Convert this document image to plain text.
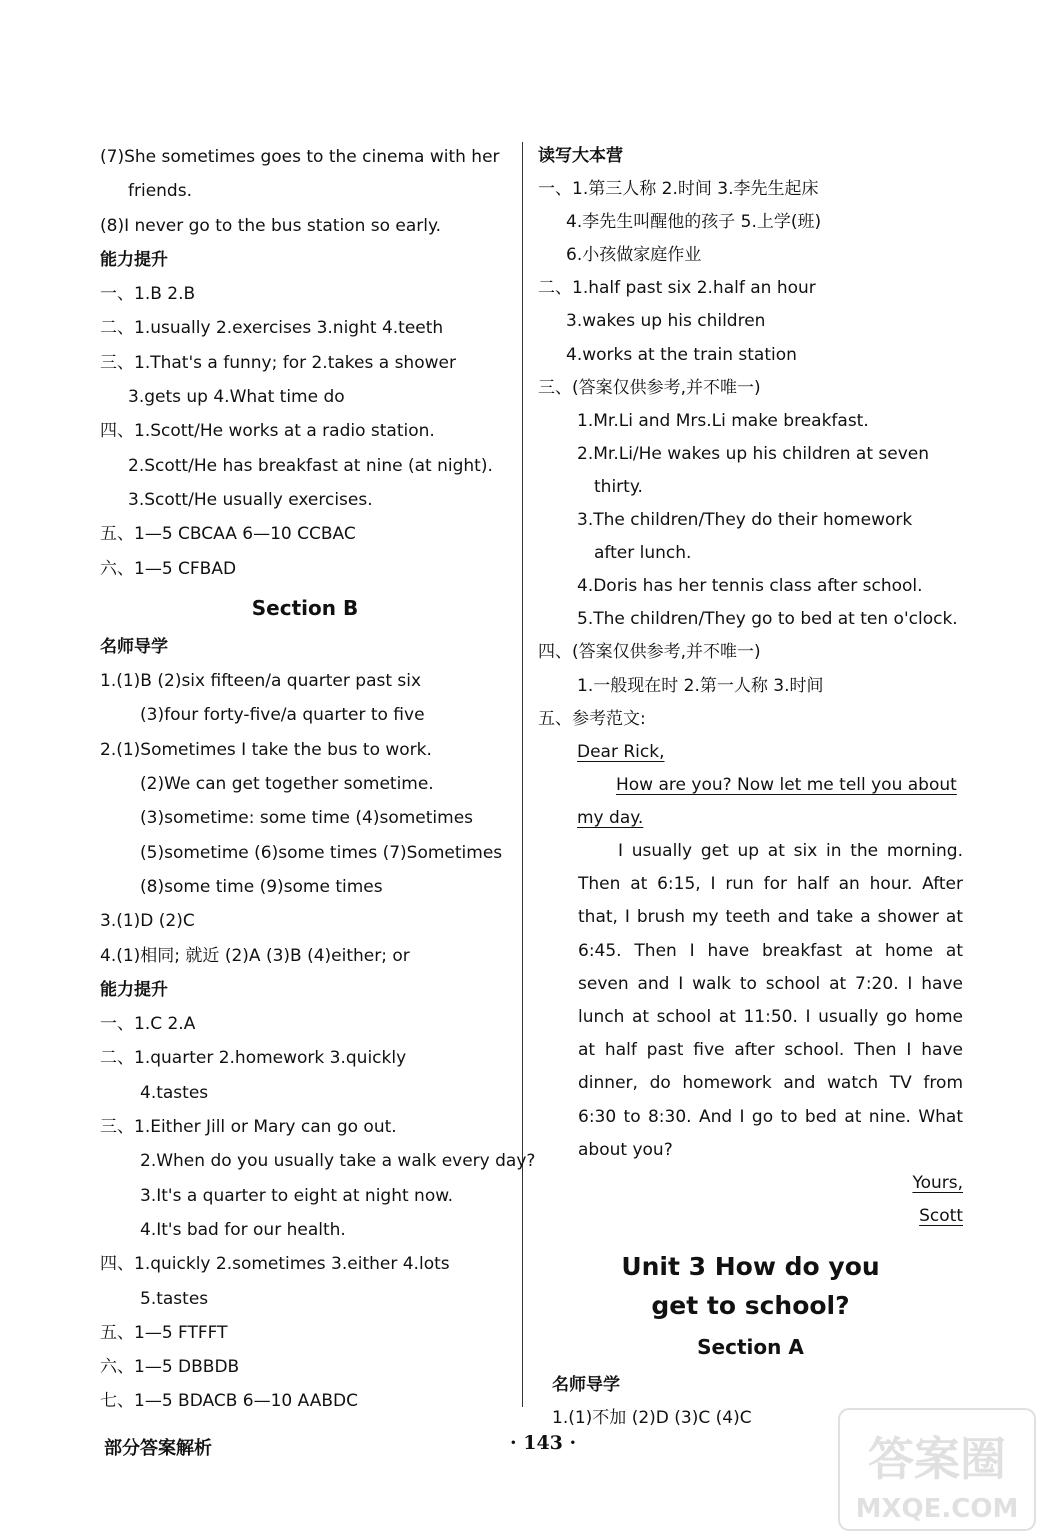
(7)She sometimes goes to the cinema with her
friends.
(8)I never go to the bus station so early.
能力提升
一、1.B 2.B
二、1.usually 2.exercises 3.night 4.teeth
三、1.That's a funny; for 2.takes a shower
3.gets up 4.What time do
四、1.Scott/He works at a radio station.
2.Scott/He has breakfast at nine (at night).
3.Scott/He usually exercises.
五、1—5 CBCAA 6—10 CCBAC
六、1—5 CFBAD
Section B
名师导学
1.(1)B (2)six fifteen/a quarter past six
(3)four forty-five/a quarter to five
2.(1)Sometimes I take the bus to work.
(2)We can get together sometime.
(3)sometime: some time (4)sometimes
(5)sometime (6)some times (7)Sometimes
(8)some time (9)some times
3.(1)D (2)C
4.(1)相同; 就近 (2)A (3)B (4)either; or
能力提升
一、1.C 2.A
二、1.quarter 2.homework 3.quickly
4.tastes
三、1.Either Jill or Mary can go out.
2.When do you usually take a walk every day?
3.It's a quarter to eight at night now.
4.It's bad for our health.
四、1.quickly 2.sometimes 3.either 4.lots
5.tastes
五、1—5 FTFFT
六、1—5 DBBDB
七、1—5 BDACB 6—10 AABDC
读写大本营
一、1.第三人称 2.时间 3.李先生起床
4.李先生叫醒他的孩子 5.上学(班)
6.小孩做家庭作业
二、1.half past six 2.half an hour
3.wakes up his children
4.works at the train station
三、(答案仅供参考,并不唯一)
1.Mr.Li and Mrs.Li make breakfast.
2.Mr.Li/He wakes up his children at seven
thirty.
3.The children/They do their homework
after lunch.
4.Doris has her tennis class after school.
5.The children/They go to bed at ten o'clock.
四、(答案仅供参考,并不唯一)
1.一般现在时 2.第一人称 3.时间
五、参考范文:
Dear Rick,
How are you? Now let me tell you about
my day.

I usually get up at six in the morning. Then at 6:15, I run for half an hour. After that, I brush my teeth and take a shower at 6:45. Then I have breakfast at home at seven and I walk to school at 7:20. I have lunch at school at 11:50. I usually go home at half past five after school. Then I have dinner, do homework and watch TV from 6:30 to 8:30. And I go to bed at nine. What about you?

Yours,
Scott
Unit 3 How do you
get to school?
Section A
名师导学
1.(1)不加 (2)D (3)C (4)C
部分答案解析	· 143 ·	答案圈
MXQE.COM
